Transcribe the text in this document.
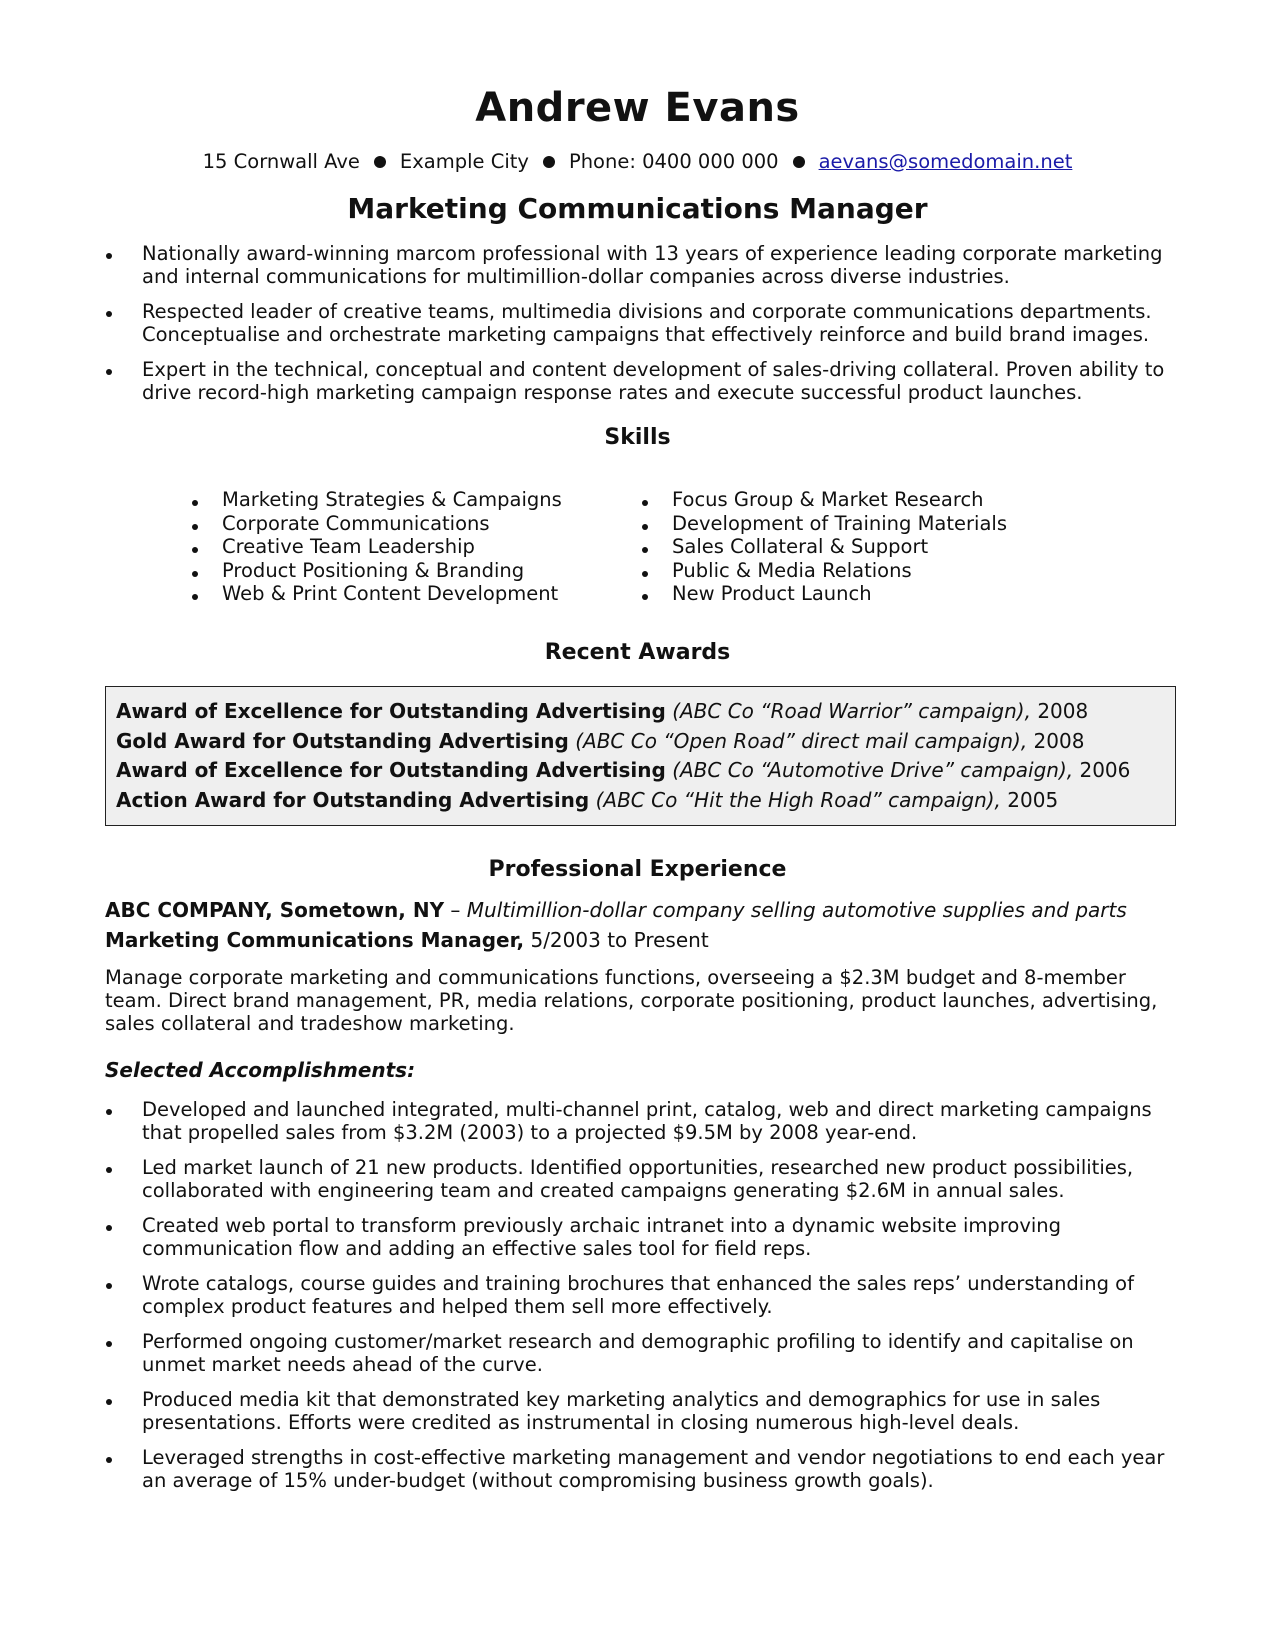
Andrew Evans
15 Cornwall Ave Example City Phone: 0400 000 000 aevans@somedomain.net
Marketing Communications Manager
Nationally award-winning marcom professional with 13 years of experience leading corporate marketing and internal communications for multimillion-dollar companies across diverse industries.
Respected leader of creative teams, multimedia divisions and corporate communications departments. Conceptualise and orchestrate marketing campaigns that effectively reinforce and build brand images.
Expert in the technical, conceptual and content development of sales-driving collateral. Proven ability to drive record-high marketing campaign response rates and execute successful product launches.
Skills
Marketing Strategies & Campaigns
Corporate Communications
Creative Team Leadership
Product Positioning & Branding
Web & Print Content Development
Focus Group & Market Research
Development of Training Materials
Sales Collateral & Support
Public & Media Relations
New Product Launch
Recent Awards
Award of Excellence for Outstanding Advertising (ABC Co “Road Warrior” campaign), 2008
Gold Award for Outstanding Advertising (ABC Co “Open Road” direct mail campaign), 2008
Award of Excellence for Outstanding Advertising (ABC Co “Automotive Drive” campaign), 2006
Action Award for Outstanding Advertising (ABC Co “Hit the High Road” campaign), 2005
Professional Experience
ABC COMPANY, Sometown, NY – Multimillion-dollar company selling automotive supplies and parts
Marketing Communications Manager, 5/2003 to Present

Manage corporate marketing and communications functions, overseeing a $2.3M budget and 8-member team. Direct brand management, PR, media relations, corporate positioning, product launches, advertising, sales collateral and tradeshow marketing.

Selected Accomplishments:
Developed and launched integrated, multi-channel print, catalog, web and direct marketing campaigns that propelled sales from $3.2M (2003) to a projected $9.5M by 2008 year-end.
Led market launch of 21 new products. Identified opportunities, researched new product possibilities, collaborated with engineering team and created campaigns generating $2.6M in annual sales.
Created web portal to transform previously archaic intranet into a dynamic website improving communication flow and adding an effective sales tool for field reps.
Wrote catalogs, course guides and training brochures that enhanced the sales reps’ understanding of complex product features and helped them sell more effectively.
Performed ongoing customer/market research and demographic profiling to identify and capitalise on unmet market needs ahead of the curve.
Produced media kit that demonstrated key marketing analytics and demographics for use in sales presentations. Efforts were credited as instrumental in closing numerous high-level deals.
Leveraged strengths in cost-effective marketing management and vendor negotiations to end each year an average of 15% under-budget (without compromising business growth goals).
